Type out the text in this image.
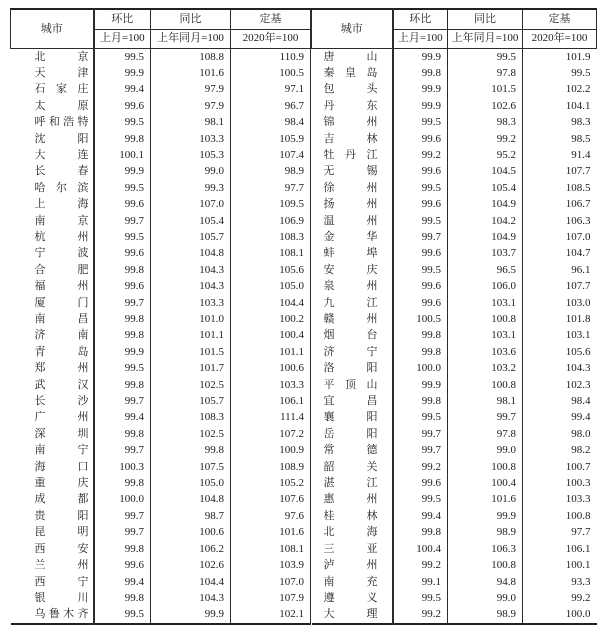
城市	环比	同比	定基
	上月=100	上年同月=100	2020年=100

北 京	99.5	108.8	110.9

天 津	99.9	101.6	100.5

石 家 庄	99.4	97.9	97.1

太 原	99.6	97.9	96.7

呼 和 浩 特	99.5	98.1	98.4

沈 阳	99.8	103.3	105.9

大 连	100.1	105.3	107.4

长 春	99.9	99.0	98.9

哈 尔 滨	99.5	99.3	97.7

上 海	99.6	107.0	109.5

南 京	99.7	105.4	106.9

杭 州	99.5	105.7	108.3

宁 波	99.6	104.8	108.1

合 肥	99.8	104.3	105.6

福 州	99.6	104.3	105.0

厦 门	99.7	103.3	104.4

南 昌	99.8	101.0	100.2

济 南	99.8	101.1	100.4

青 岛	99.9	101.5	101.1

郑 州	99.5	101.7	100.6

武 汉	99.8	102.5	103.3

长 沙	99.7	105.7	106.1

广 州	99.4	108.3	111.4

深 圳	99.8	102.5	107.2

南 宁	99.7	99.8	100.9

海 口	100.3	107.5	108.9

重 庆	99.8	105.0	105.2

成 都	100.0	104.8	107.6

贵 阳	99.7	98.7	97.6

昆 明	99.7	100.6	101.6

西 安	99.8	106.2	108.1

兰 州	99.6	102.6	103.9

西 宁	99.4	104.4	107.0

银 川	99.8	104.3	107.9

乌 鲁 木 齐	99.5	99.9	102.1
城市	环比	同比	定基
	上月=100	上年同月=100	2020年=100

唐 山	99.9	99.5	101.9

秦 皇 岛	99.8	97.8	99.5

包 头	99.9	101.5	102.2

丹 东	99.9	102.6	104.1

锦 州	99.5	98.3	98.3

吉 林	99.6	99.2	98.5

牡 丹 江	99.2	95.2	91.4

无 锡	99.6	104.5	107.7

徐 州	99.5	105.4	108.5

扬 州	99.6	104.9	106.7

温 州	99.5	104.2	106.3

金 华	99.7	104.9	107.0

蚌 埠	99.6	103.7	104.7

安 庆	99.5	96.5	96.1

泉 州	99.6	106.0	107.7

九 江	99.6	103.1	103.0

赣 州	100.5	100.8	101.8

烟 台	99.8	103.1	103.1

济 宁	99.8	103.6	105.6

洛 阳	100.0	103.2	104.3

平 顶 山	99.9	100.8	102.3

宜 昌	99.8	98.1	98.4

襄 阳	99.5	99.7	99.4

岳 阳	99.7	97.8	98.0

常 德	99.7	99.0	98.2

韶 关	99.2	100.8	100.7

湛 江	99.6	100.4	100.3

惠 州	99.5	101.6	103.3

桂 林	99.4	99.9	100.8

北 海	99.8	98.9	97.7

三 亚	100.4	106.3	106.1

泸 州	99.2	100.8	100.1

南 充	99.1	94.8	93.3

遵 义	99.5	99.0	99.2

大 理	99.2	98.9	100.0
